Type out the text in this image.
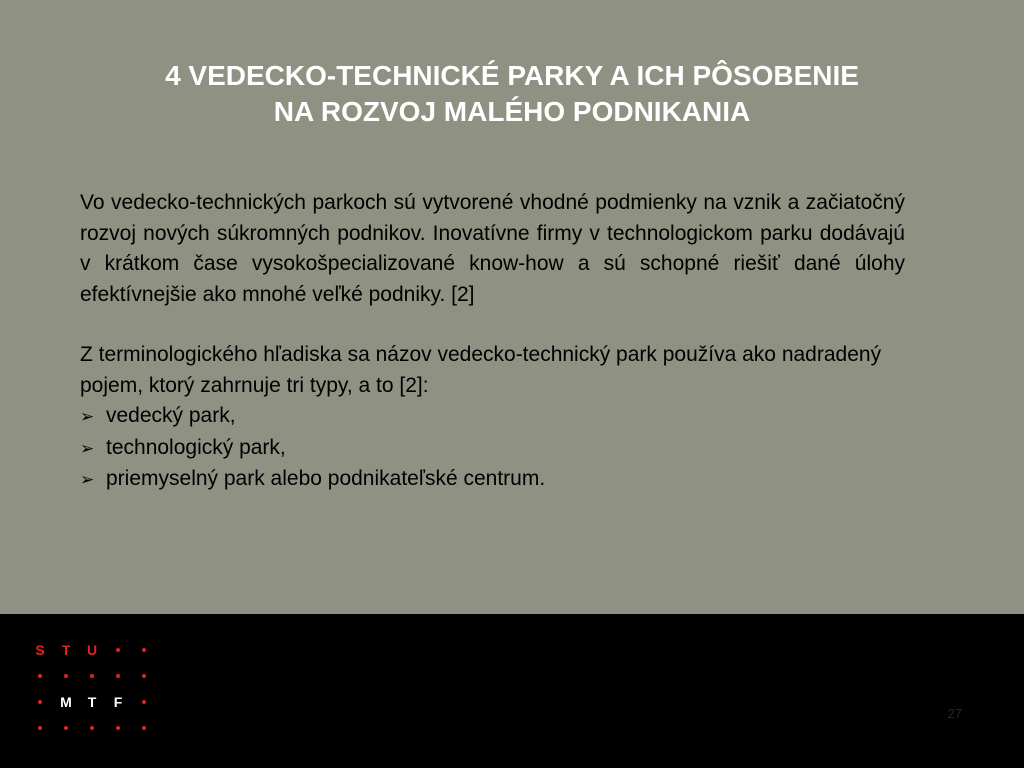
4 VEDECKO-TECHNICKÉ PARKY A ICH PÔSOBENIE
NA ROZVOJ MALÉHO PODNIKANIA

Vo vedecko-technických parkoch sú vytvorené vhodné podmienky na vznik a začiatočný rozvoj nových súkromných podnikov. Inovatívne firmy v technologickom parku dodávajú v krátkom čase vysokošpecializované know-how a sú schopné riešiť dané úlohy efektívnejšie ako mnohé veľké podniky. [2]

Z terminologického hľadiska sa názov vedecko-technický park používa ako nadradený pojem, ktorý zahrnuje tri typy, a to [2]:

➢ vedecký park,
➢ technologický park,
➢ priemyselný park alebo podnikateľské centrum.
S	T	U
M	T	F
27
